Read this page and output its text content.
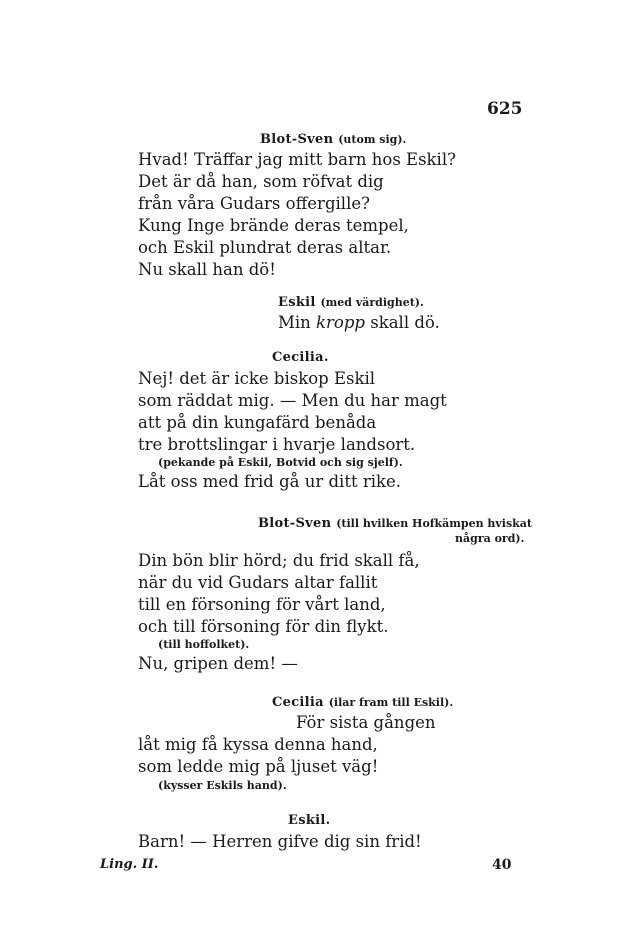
625
Blot-Sven (utom sig).
Hvad! Träffar jag mitt barn hos Eskil?
Det är då han, som röfvat dig
från våra Gudars offergille?
Kung Inge brände deras tempel,
och Eskil plundrat deras altar.
Nu skall han dö!
Eskil (med värdighet).
Min kropp skall dö.
Cecilia.
Nej! det är icke biskop Eskil
som räddat mig. — Men du har magt
att på din kungafärd benåda
tre brottslingar i hvarje landsort.
(pekande på Eskil, Botvid och sig sjelf).
Låt oss med frid gå ur ditt rike.
Blot-Sven (till hvilken Hofkämpen hviskat
några ord).
Din bön blir hörd; du frid skall få,
när du vid Gudars altar fallit
till en försoning för vårt land,
och till försoning för din flykt.
(till hoffolket).
Nu, gripen dem! —
Cecilia (ilar fram till Eskil).
För sista gången
låt mig få kyssa denna hand,
som ledde mig på ljuset väg!
(kysser Eskils hand).
Eskil.
Barn! — Herren gifve dig sin frid!
Ling. II.	40
